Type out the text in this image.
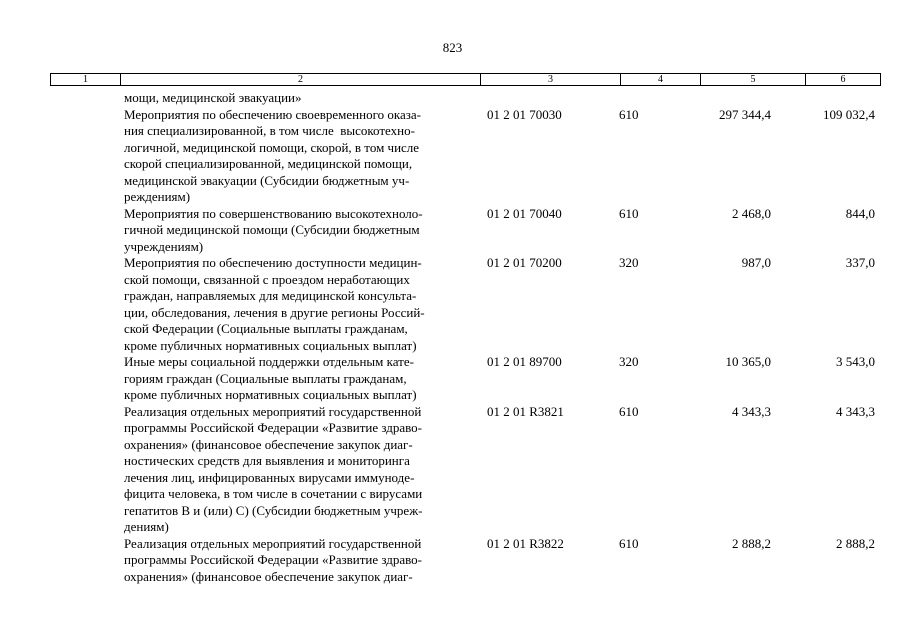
823
1	2	3	4	5	6
мощи, медицинской эвакуации»
Мероприятия по обеспечению своевременного оказа-
ния специализированной, в том числе  высокотехно-
логичной, медицинской помощи, скорой, в том числе
скорой специализированной, медицинской помощи,
медицинской эвакуации (Субсидии бюджетным уч-
реждениям)
01 2 01 70030	610	297 344,4	109 032,4
Мероприятия по совершенствованию высокотехноло-
гичной медицинской помощи (Субсидии бюджетным
учреждениям)
01 2 01 70040	610	2 468,0	844,0
Мероприятия по обеспечению доступности медицин-
ской помощи, связанной с проездом неработающих
граждан, направляемых для медицинской консульта-
ции, обследования, лечения в другие регионы Россий-
ской Федерации (Социальные выплаты гражданам,
кроме публичных нормативных социальных выплат)
01 2 01 70200	320	987,0	337,0
Иные меры социальной поддержки отдельным кате-
гориям граждан (Социальные выплаты гражданам,
кроме публичных нормативных социальных выплат)
01 2 01 89700	320	10 365,0	3 543,0
Реализация отдельных мероприятий государственной
программы Российской Федерации «Развитие здраво-
охранения» (финансовое обеспечение закупок диаг-
ностических средств для выявления и мониторинга
лечения лиц, инфицированных вирусами иммуноде-
фицита человека, в том числе в сочетании с вирусами
гепатитов В и (или) С) (Субсидии бюджетным учреж-
дениям)
01 2 01 R3821	610	4 343,3	4 343,3
Реализация отдельных мероприятий государственной
программы Российской Федерации «Развитие здраво-
охранения» (финансовое обеспечение закупок диаг-
01 2 01 R3822	610	2 888,2	2 888,2
